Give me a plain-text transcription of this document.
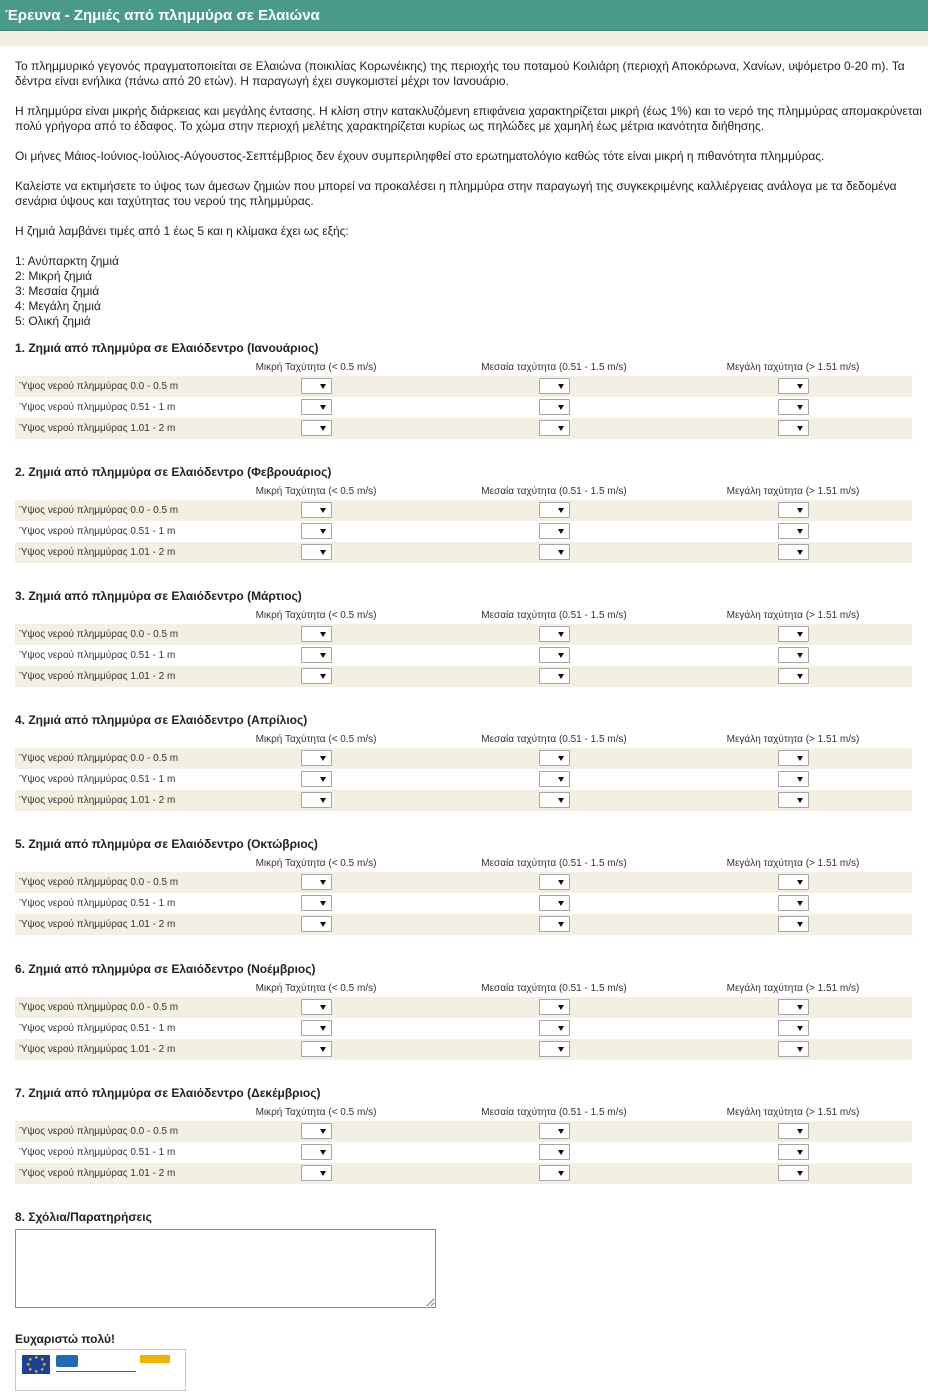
Έρευνα - Ζημιές από πλημμύρα σε Ελαιώνα

Το πλημμυρικό γεγονός πραγματοποιείται σε Ελαιώνα (ποικιλίας Κορωνέικης) της περιοχής του ποταμού Κοιλιάρη (περιοχή Αποκόρωνα, Χανίων, υψόμετρο 0-20 m). Τα δέντρα είναι ενήλικα (πάνω από 20 ετών). Η παραγωγή έχει συγκομιστεί μέχρι τον Ιανουάριο.

Η πλημμύρα είναι μικρής διάρκειας και μεγάλης έντασης. Η κλίση στην κατακλυζόμενη επιφάνεια χαρακτηρίζεται μικρή (έως 1%) και το νερό της πλημμύρας απομακρύνεται πολύ γρήγορα από το έδαφος. Το χώμα στην περιοχή μελέτης χαρακτηρίζεται κυρίως ως πηλώδες με χαμηλή έως μέτρια ικανότητα διήθησης.

Οι μήνες Μάιος-Ιούνιος-Ιούλιος-Αύγουστος-Σεπτέμβριος δεν έχουν συμπεριληφθεί στο ερωτηματολόγιο καθώς τότε είναι μικρή η πιθανότητα πλημμύρας.

Καλείστε να εκτιμήσετε το ύψος των άμεσων ζημιών που μπορεί να προκαλέσει η πλημμύρα στην παραγωγή της συγκεκριμένης καλλιέργειας ανάλογα με τα δεδομένα σενάρια ύψους και ταχύτητας του νερού της πλημμύρας.

Η ζημιά λαμβάνει τιμές από 1 έως 5 και η κλίμακα έχει ως εξής:

1: Ανύπαρκτη ζημιά
2: Μικρή ζημιά
3: Μεσαία ζημιά
4: Μεγάλη ζημιά
5: Ολική ζημιά
1. Ζημιά από πλημμύρα σε Ελαιόδεντρο (Ιανουάριος)
Μικρή Ταχύτητα (< 0.5 m/s)	Μεσαία ταχύτητα (0.51 - 1.5 m/s)	Μεγάλη ταχύτητα (> 1.51 m/s)
Ύψος νερού πλημμύρας 0.0 - 0.5 m
Ύψος νερού πλημμύρας 0.51 - 1 m
Ύψος νερού πλημμύρας 1.01 - 2 m
2. Ζημιά από πλημμύρα σε Ελαιόδεντρο (Φεβρουάριος)
Μικρή Ταχύτητα (< 0.5 m/s)	Μεσαία ταχύτητα (0.51 - 1.5 m/s)	Μεγάλη ταχύτητα (> 1.51 m/s)
Ύψος νερού πλημμύρας 0.0 - 0.5 m
Ύψος νερού πλημμύρας 0.51 - 1 m
Ύψος νερού πλημμύρας 1.01 - 2 m
3. Ζημιά από πλημμύρα σε Ελαιόδεντρο (Μάρτιος)
Μικρή Ταχύτητα (< 0.5 m/s)	Μεσαία ταχύτητα (0.51 - 1.5 m/s)	Μεγάλη ταχύτητα (> 1.51 m/s)
Ύψος νερού πλημμύρας 0.0 - 0.5 m
Ύψος νερού πλημμύρας 0.51 - 1 m
Ύψος νερού πλημμύρας 1.01 - 2 m
4. Ζημιά από πλημμύρα σε Ελαιόδεντρο (Απρίλιος)
Μικρή Ταχύτητα (< 0.5 m/s)	Μεσαία ταχύτητα (0.51 - 1.5 m/s)	Μεγάλη ταχύτητα (> 1.51 m/s)
Ύψος νερού πλημμύρας 0.0 - 0.5 m
Ύψος νερού πλημμύρας 0.51 - 1 m
Ύψος νερού πλημμύρας 1.01 - 2 m
5. Ζημιά από πλημμύρα σε Ελαιόδεντρο (Οκτώβριος)
Μικρή Ταχύτητα (< 0.5 m/s)	Μεσαία ταχύτητα (0.51 - 1.5 m/s)	Μεγάλη ταχύτητα (> 1.51 m/s)
Ύψος νερού πλημμύρας 0.0 - 0.5 m
Ύψος νερού πλημμύρας 0.51 - 1 m
Ύψος νερού πλημμύρας 1.01 - 2 m
6. Ζημιά από πλημμύρα σε Ελαιόδεντρο (Νοέμβριος)
Μικρή Ταχύτητα (< 0.5 m/s)	Μεσαία ταχύτητα (0.51 - 1.5 m/s)	Μεγάλη ταχύτητα (> 1.51 m/s)
Ύψος νερού πλημμύρας 0.0 - 0.5 m
Ύψος νερού πλημμύρας 0.51 - 1 m
Ύψος νερού πλημμύρας 1.01 - 2 m
7. Ζημιά από πλημμύρα σε Ελαιόδεντρο (Δεκέμβριος)
Μικρή Ταχύτητα (< 0.5 m/s)	Μεσαία ταχύτητα (0.51 - 1.5 m/s)	Μεγάλη ταχύτητα (> 1.51 m/s)
Ύψος νερού πλημμύρας 0.0 - 0.5 m
Ύψος νερού πλημμύρας 0.51 - 1 m
Ύψος νερού πλημμύρας 1.01 - 2 m
8. Σχόλια/Παρατηρήσεις
Ευχαριστώ πολύ!
★ ★
★
★
★
★
★
★
